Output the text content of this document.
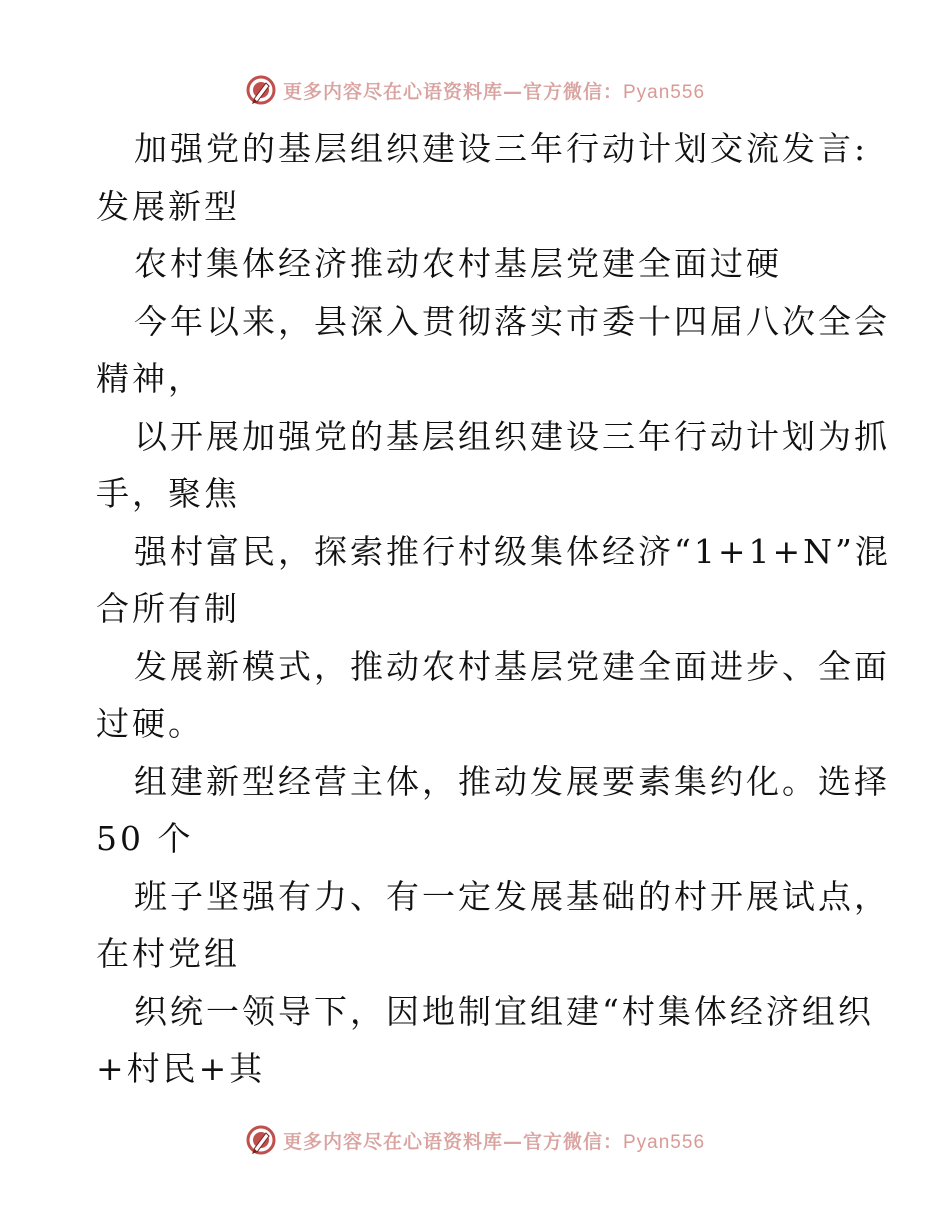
更多内容尽在心语资料库—官方微信：Pyan556
加强党的基层组织建设三年行动计划交流发言:
发展新型
农村集体经济推动农村基层党建全面过硬
今年以来，县深入贯彻落实市委十四届八次全会
精神，
以开展加强党的基层组织建设三年行动计划为抓
手，聚焦
强村富民，探索推行村级集体经济“1+1+N”混
合所有制
发展新模式，推动农村基层党建全面进步、全面
过硬。
组建新型经营主体，推动发展要素集约化。选择
50 个
班子坚强有力、有一定发展基础的村开展试点，
在村党组
织统一领导下，因地制宜组建“村集体经济组织
+村民+其
更多内容尽在心语资料库—官方微信：Pyan556
